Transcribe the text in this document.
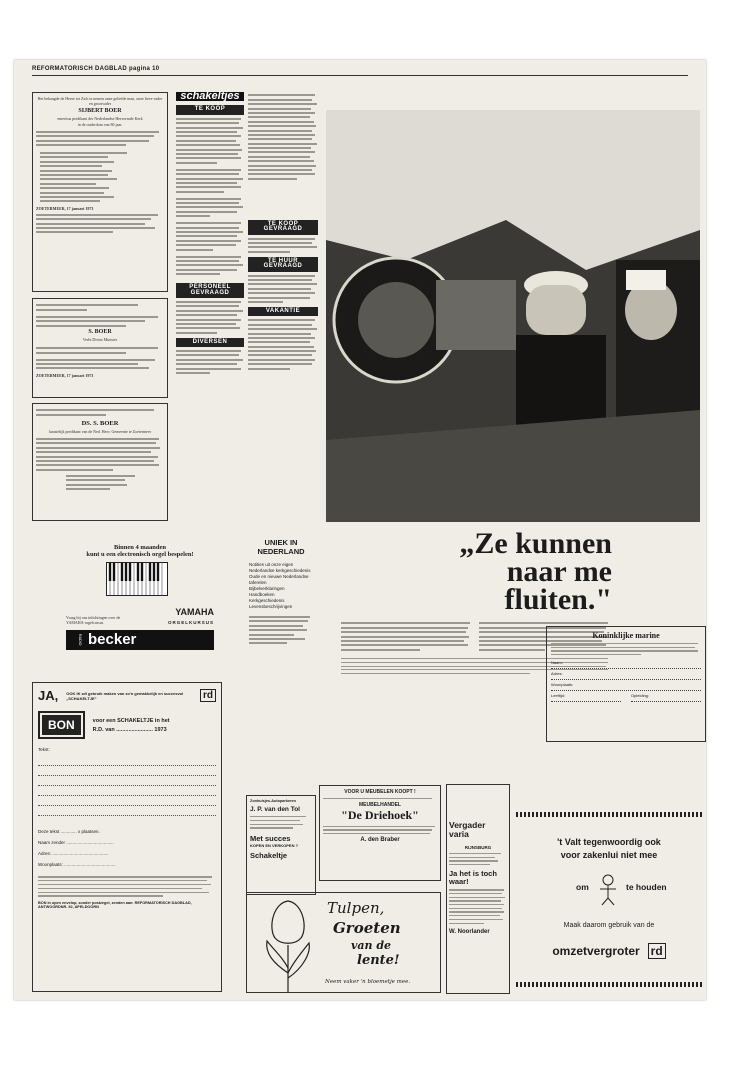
REFORMATORISCH DAGBLAD pagina 10
Het behaagde de Heere tot Zich te nemen onze geliefde man, onze lieve vader en grootvader
SIJBERT BOER
emeritus predikant der Nederlandse Hervormde Kerk
in de ouderdom van 86 jaar.
ZOETERMEER, 17 januari 1973
S. BOER
Verbi Divini Minister
ZOETERMEER, 17 januari 1973
DS. S. BOER
laatstelijk predikant van de Ned. Herv. Gemeente te Zoetermeer
Binnen 4 maanden
kunt u een electronisch orgel bespelen!
Vraag bij ons inlichtingen over de YAMAHA-orgelcursus
YAMAHA
ORGELKURSUS
RADIO becker
JA, OOK IK wil gebruik maken van zo'n gemakkelijk en succesvol „SCHAKELTJE"	rd
BON	voor een SCHAKELTJE in het
R.D. van ........................ 1973
Tekst:
Deze tekst ............. x plaatsen.
Naam zender ......................................
Adres: .............................................
Woonplaats: .........................................
BON in open envelop, zonder postzegel, zenden aan: REFORMATORISCH DAGBLAD, ANTWOORDNR. 92, APELDOORN
schakeltjes
TE KOOP
PERSONEEL GEVRAAGD
DIVERSEN
UNIEK IN NEDERLAND
Notities uit onze eigen Nederlandse kerkgeschiedenis
Oude en nieuwe Nederlandse taferelen
Bijbelverklaringen
Handboeken
Kerkgeschiedenis
Levensbeschrijvingen
TE KOOP GEVRAAGD
TE HUUR GEVRAAGD
VAKANTIE
„Ze kunnen naar me fluiten."
Koninklijke marine
Naam:
Adres:
Woonplaats:
Leeftijd:	Opleiding:
Zonhuisjes-Autoparkeren
J. P. van den Tol
Met succes
KOPEN EN VERKOPEN ?
Schakeltje
VOOR U MEUBELEN KOOPT !
MEUBELHANDEL
"De Driehoek"
A. den Braber
Tulpen,
Groeten
van de
lente!
Neem vaker 'n bloemetje mee.
Vergader varia
RIJNSBURG
Ja het is toch waar!
W. Noorlander
't Valt tegenwoordig ook
voor zakenlui niet mee
om	te houden
Maak daarom gebruik van de
omzetvergroter rd
